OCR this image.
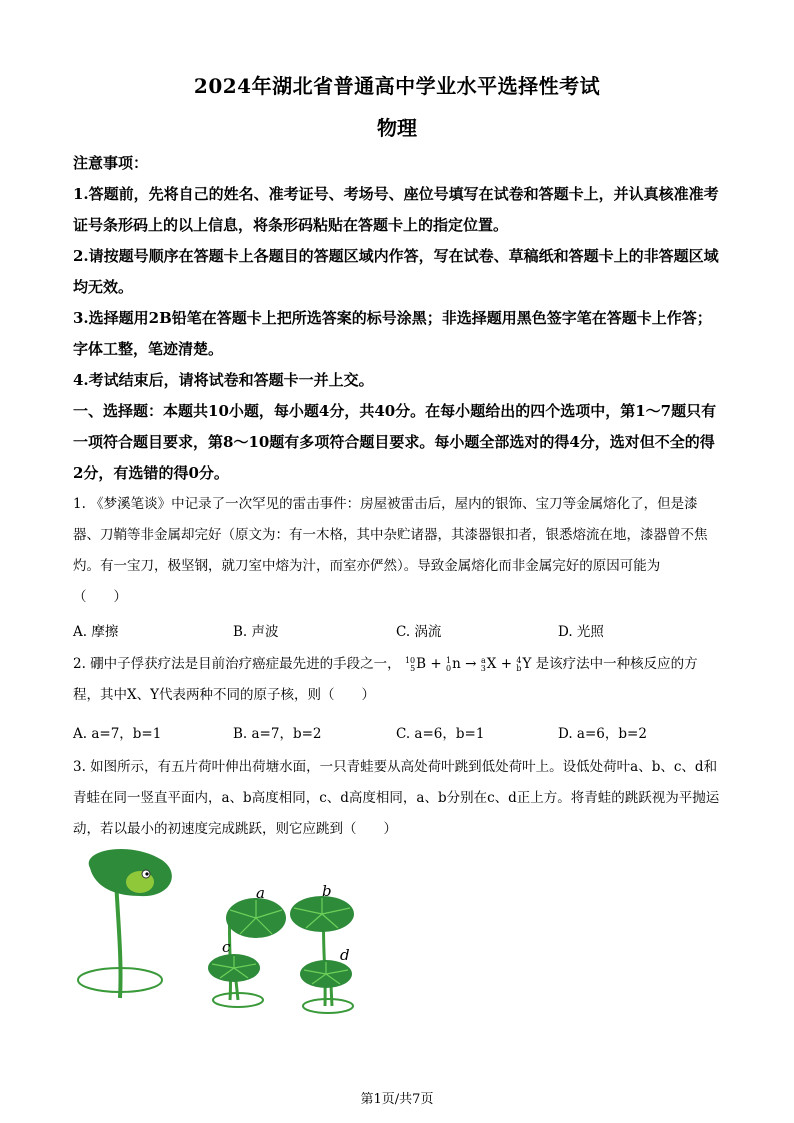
2024年湖北省普通高中学业水平选择性考试
物理
注意事项：
1.答题前，先将自己的姓名、准考证号、考场号、座位号填写在试卷和答题卡上，并认真核准准考证号条形码上的以上信息，将条形码粘贴在答题卡上的指定位置。
2.请按题号顺序在答题卡上各题目的答题区域内作答，写在试卷、草稿纸和答题卡上的非答题区域均无效。
3.选择题用2B铅笔在答题卡上把所选答案的标号涂黑；非选择题用黑色签字笔在答题卡上作答；字体工整，笔迹清楚。
4.考试结束后，请将试卷和答题卡一并上交。
一、选择题：本题共10小题，每小题4分，共40分。在每小题给出的四个选项中，第1～7题只有一项符合题目要求，第8～10题有多项符合题目要求。每小题全部选对的得4分，选对但不全的得2分，有选错的得0分。
1. 《梦溪笔谈》中记录了一次罕见的雷击事件：房屋被雷击后，屋内的银饰、宝刀等金属熔化了，但是漆器、刀鞘等非金属却完好（原文为：有一木格，其中杂贮诸器，其漆器银扣者，银悉熔流在地，漆器曾不焦灼。有一宝刀，极坚钢，就刀室中熔为汁，而室亦俨然）。导致金属熔化而非金属完好的原因可能为
（　　）
A. 摩擦	B. 声波	C. 涡流	D. 光照
2. 硼中子俘获疗法是目前治疗癌症最先进的手段之一， 10
5 B + 1
0 n → a
3 X + 4
b Y 是该疗法中一种核反应的方程，其中X、Y代表两种不同的原子核，则（　　）
A. a=7，b=1	B. a=7，b=2	C. a=6，b=1	D. a=6，b=2
3. 如图所示，有五片荷叶伸出荷塘水面，一只青蛙要从高处荷叶跳到低处荷叶上。设低处荷叶a、b、c、d和青蛙在同一竖直平面内，a、b高度相同，c、d高度相同，a、b分别在c、d正上方。将青蛙的跳跃视为平抛运动，若以最小的初速度完成跳跃，则它应跳到（　　）
a	b
c	d
第1页/共7页
